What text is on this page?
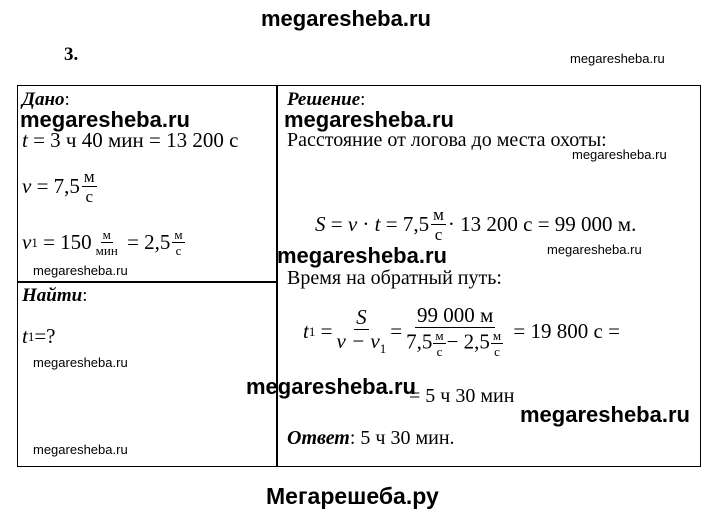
megaresheba.ru
3.	megaresheba.ru
Дано:
megaresheba.ru
t
= 3 ч 40 мин = 13 200 с
$v = 7,5 \frac{м}{с}$
v 1
= $150 \frac{м}{\text{мин}}$
= $2,5 \frac{м}{с}$
megaresheba.ru
Найти:
t 1 =?
megaresheba.ru
megaresheba.ru
Решение:
megaresheba.ru
Расстояние от логова до места охоты:
megaresheba.ru
$S = v \cdot t = 7,5 \frac{м}{с} \cdot 13$ 200 с = 99 000 м.
megaresheba.ru	megaresheba.ru
Время на обратный путь:
t 1
= $\frac{S}{v - v_1} = \frac{99 000 м}{7,5 \frac{м}{с} - 2,5 \frac{м}{с}}$
= 19 800 с =
megaresheba.ru
= 5 ч 30 мин
megaresheba.ru
Ответ: 5 ч 30 мин.
Мегарешеба.ру
